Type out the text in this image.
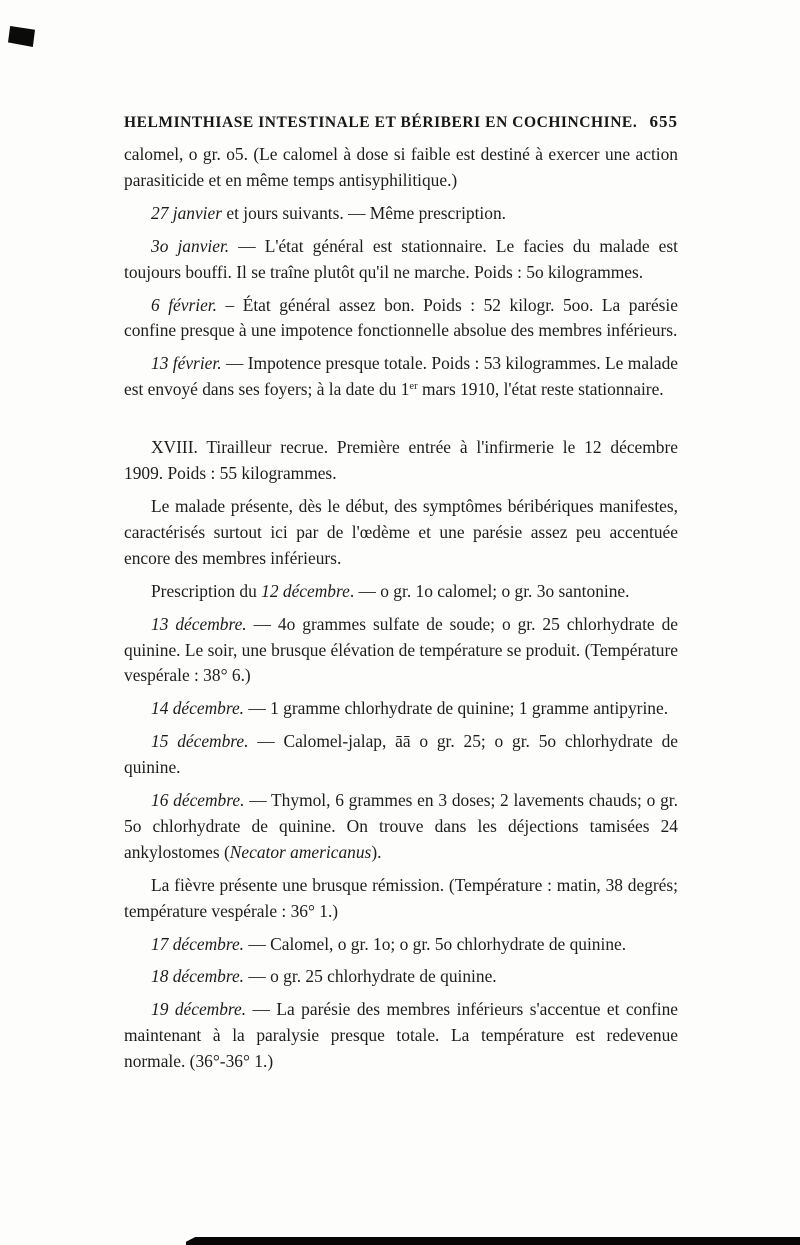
HELMINTHIASE INTESTINALE ET BÉRIBERI EN COCHINCHINE. 655

calomel, o gr. o5. (Le calomel à dose si faible est destiné à exercer une action parasiticide et en même temps antisyphilitique.)

27 janvier et jours suivants. — Même prescription.

3o janvier. — L'état général est stationnaire. Le facies du malade est toujours bouffi. Il se traîne plutôt qu'il ne marche. Poids : 5o kilogrammes.

6 février. – État général assez bon. Poids : 52 kilogr. 5oo. La parésie confine presque à une impotence fonctionnelle absolue des membres inférieurs.

13 février. — Impotence presque totale. Poids : 53 kilogrammes. Le malade est envoyé dans ses foyers; à la date du 1er mars 1910, l'état reste stationnaire.

XVIII. Tirailleur recrue. Première entrée à l'infirmerie le 12 décembre 1909. Poids : 55 kilogrammes.

Le malade présente, dès le début, des symptômes béribériques manifestes, caractérisés surtout ici par de l'œdème et une parésie assez peu accentuée encore des membres inférieurs.

Prescription du 12 décembre. — o gr. 1o calomel; o gr. 3o santonine.

13 décembre. — 4o grammes sulfate de soude; o gr. 25 chlorhydrate de quinine. Le soir, une brusque élévation de température se produit. (Température vespérale : 38° 6.)

14 décembre. — 1 gramme chlorhydrate de quinine; 1 gramme antipyrine.

15 décembre. — Calomel-jalap, āā o gr. 25; o gr. 5o chlorhydrate de quinine.

16 décembre. — Thymol, 6 grammes en 3 doses; 2 lavements chauds; o gr. 5o chlorhydrate de quinine. On trouve dans les déjections tamisées 24 ankylostomes (Necator americanus).

La fièvre présente une brusque rémission. (Température : matin, 38 degrés; température vespérale : 36° 1.)

17 décembre. — Calomel, o gr. 1o; o gr. 5o chlorhydrate de quinine.

18 décembre. — o gr. 25 chlorhydrate de quinine.

19 décembre. — La parésie des membres inférieurs s'accentue et confine maintenant à la paralysie presque totale. La température est redevenue normale. (36°-36° 1.)
